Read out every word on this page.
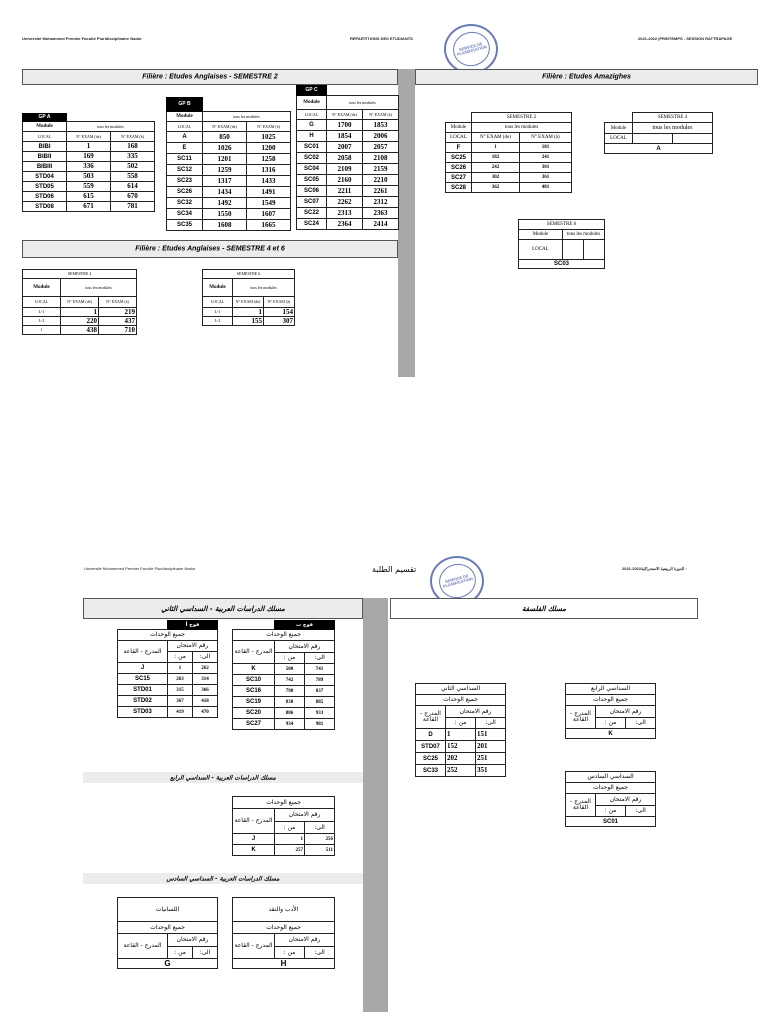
Université Mohammed Premier Faculté Pluridisciplinaire Nador	REPARTITIONS DES ETUDIANTS	2021-2022 |PRINTEMPS - SESSION RATTRAPAGE
SERVICE DE PLANIFICATION
Filière : Etudes Anglaises - SEMESTRE 2	Filière : Etudes Amazighes
Filière : Etudes Anglaises - SEMESTRE 4 et 6
GP A		
Module	tous les modules	
LOCAL	N° EXAM (de)	N° EXAM (à)
BIBI	1	168
BIBII	169	335
BIBIII	336	502
STD04	503	558
STD05	559	614
STD06	615	670
STD08	671	781
GP B		
Module	tous les modules	
LOCAL	N° EXAM (de)	N° EXAM (à)
A	850	1025
E	1026	1200
SC11	1201	1258
SC12	1259	1316
SC23	1317	1433
SC26	1434	1491
SC32	1492	1549
SC34	1550	1607
SC35	1608	1665
GP C		
Module	tous les modules	
LOCAL	N° EXAM (de)	N° EXAM (à)
G	1700	1853
H	1854	2006
SC01	2007	2057
SC02	2058	2108
SC04	2109	2159
SC05	2160	2210
SC06	2211	2261
SC07	2262	2312
SC22	2313	2363
SC24	2364	2414
SEMESTRE 4		
Module	tous les modules	
LOCAL	N° EXAM (de)	N° EXAM (à)
L-1	1	219
L-2	220	437
J	438	710
SEMESTRE 6		
Module	tous les modules	
LOCAL	N° EXAM (de)	N° EXAM (à)
L-1	1	154
L-2	155	307
	SEMESTRE 2	
Module	tous les modules	
LOCAL	N° EXAM (de)	N° EXAM (à)
F	1	181
SC25	182	241
SC26	242	301
SC27	302	361
SC28	362	481
	SEMESTRE 4	
Module	tous les modules	
LOCAL		
A		
SEMESTRE 6		
Module	tous les modules	
LOCAL		
SC03		
Université Mohammed Premier Faculté Pluridisciplinaire Nador	تقسيم الطلبة	2021-2022الدورة الربيعية الاستدراكية :
SERVICE DE PLANIFICATION
مسلك الدراسات العربية - السداسي الثاني	مسلك الفلسفة
مسلك الدراسات العربية - السداسي الرابع
مسلك الدراسات العربية - السداسي السادس
	فوج أ	
جميع الوحدات		
المدرج - القاعة	رقم الامتحان	
	من :	الى:
J	1	262
SC15	263	314
STD01	315	366
STD02	367	418
STD03	419	470
	فوج ب	
جميع الوحدات		
المدرج - القاعة	رقم الامتحان	
	من :	الى:
K	500	741
SC10	742	789
SC16	790	837
SC19	838	885
SC20	886	933
SC27	934	981
جميع الوحدات		
المدرج - القاعة	رقم الامتحان	
	من :	الى:
J	1	256
K	257	511
اللسانيات		
جميع الوحدات		
المدرج - القاعة	رقم الامتحان	
	من :	الى:
G		
الأدب والنقد		
جميع الوحدات		
المدرج - القاعة	رقم الامتحان	
	من :	الى:
H		
السداسي الثاني		
جميع الوحدات		
المدرج - القاعة	رقم الامتحان	
	من :	الى:
D	1	151
STD07	152	201
SC25	202	251
SC33	252	351
السداسي الرابع		
جميع الوحدات		
المدرج - القاعة	رقم الامتحان	
	من :	الى:
K		
السداسي السادس		
جميع الوحدات		
المدرج - القاعة	رقم الامتحان	
	من :	الى:
SC01		
